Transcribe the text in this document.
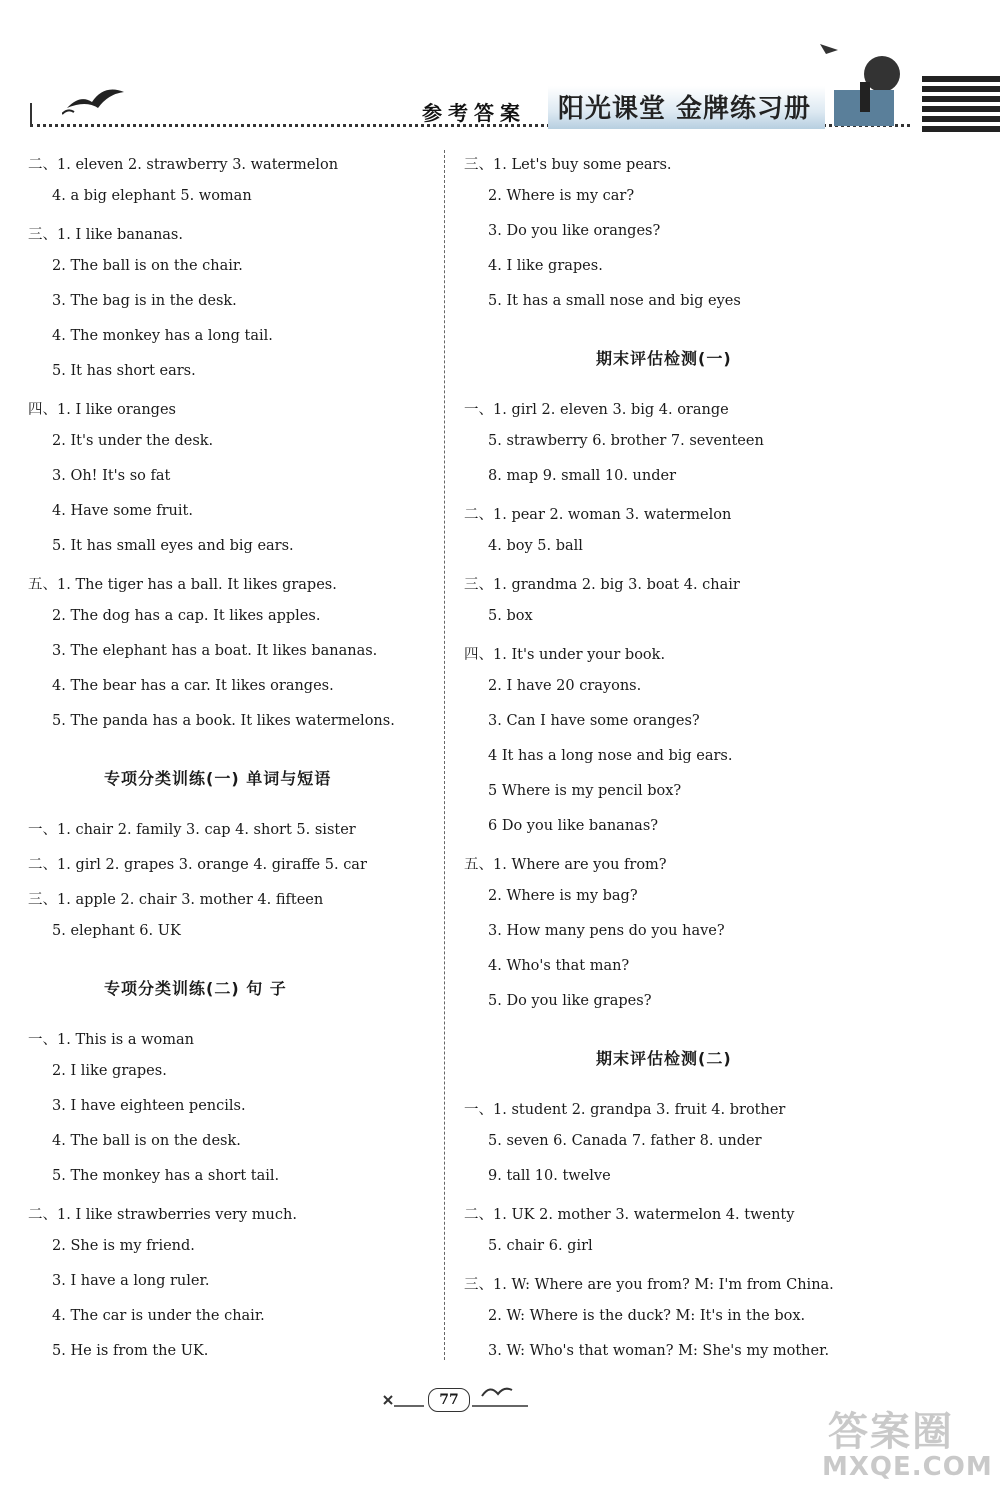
参考答案	阳光课堂 金牌练习册
二、1. eleven 2. strawberry 3. watermelon
4. a big elephant 5. woman
三、1. I like bananas.
2. The ball is on the chair.
3. The bag is in the desk.
4. The monkey has a long tail.
5. It has short ears.
四、1. I like oranges
2. It's under the desk.
3. Oh! It's so fat
4. Have some fruit.
5. It has small eyes and big ears.
五、1. The tiger has a ball. It likes grapes.
2. The dog has a cap. It likes apples.
3. The elephant has a boat. It likes bananas.
4. The bear has a car. It likes oranges.
5. The panda has a book. It likes watermelons.
专项分类训练(一) 单词与短语
一、1. chair 2. family 3. cap 4. short 5. sister
二、1. girl 2. grapes 3. orange 4. giraffe 5. car
三、1. apple 2. chair 3. mother 4. fifteen
5. elephant 6. UK
专项分类训练(二) 句 子
一、1. This is a woman
2. I like grapes.
3. I have eighteen pencils.
4. The ball is on the desk.
5. The monkey has a short tail.
二、1. I like strawberries very much.
2. She is my friend.
3. I have a long ruler.
4. The car is under the chair.
5. He is from the UK.
三、1. Let's buy some pears.
2. Where is my car?
3. Do you like oranges?
4. I like grapes.
5. It has a small nose and big eyes
期末评估检测(一)
一、1. girl 2. eleven 3. big 4. orange
5. strawberry 6. brother 7. seventeen
8. map 9. small 10. under
二、1. pear 2. woman 3. watermelon
4. boy 5. ball
三、1. grandma 2. big 3. boat 4. chair
5. box
四、1. It's under your book.
2. I have 20 crayons.
3. Can I have some oranges?
4 It has a long nose and big ears.
5 Where is my pencil box?
6 Do you like bananas?
五、1. Where are you from?
2. Where is my bag?
3. How many pens do you have?
4. Who's that man?
5. Do you like grapes?
期末评估检测(二)
一、1. student 2. grandpa 3. fruit 4. brother
5. seven 6. Canada 7. father 8. under
9. tall 10. twelve
二、1. UK 2. mother 3. watermelon 4. twenty
5. chair 6. girl
三、1. W: Where are you from? M: I'm from China.
2. W: Where is the duck? M: It's in the box.
3. W: Who's that woman? M: She's my mother.
77
答案圈
MXQE.COM
